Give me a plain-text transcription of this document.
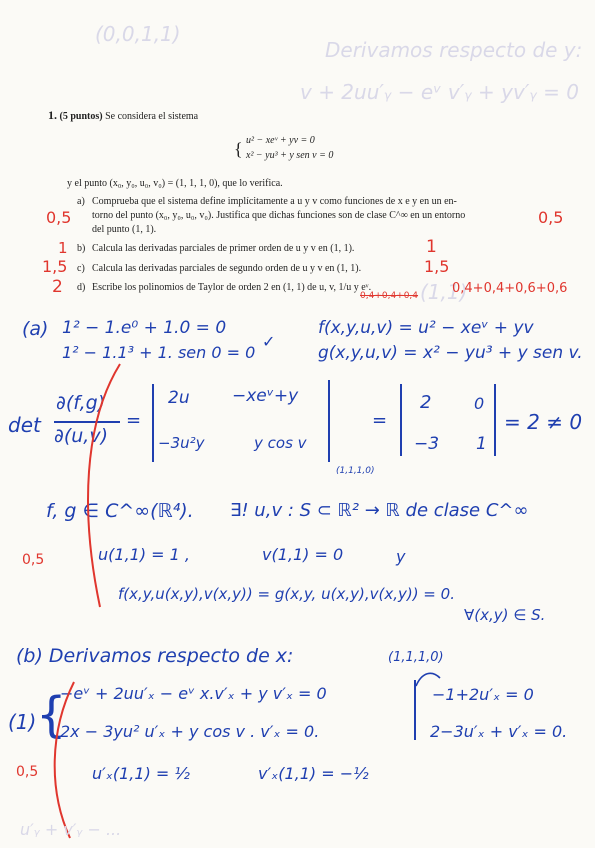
(0,0,1,1)
Derivamos respecto de y:
v + 2uu′ᵧ − eᵛ v′ᵧ + yv′ᵧ = 0
(1,1)
1. (5 puntos) Se considera el sistema
{ u² − xeᵛ + yv = 0
x² − yu³ + y sen v = 0
y el punto (x₀, y₀, u₀, v₀) = (1, 1, 1, 0), que lo verifica.
a) Comprueba que el sistema define implícitamente a u y v como funciones de x e y en un en-
torno del punto (x₀, y₀, u₀, v₀). Justifica que dichas funciones son de clase C^∞ en un entorno
del punto (1, 1).
b) Calcula las derivadas parciales de primer orden de u y v en (1, 1).
c) Calcula las derivadas parciales de segundo orden de u y v en (1, 1).
d) Escribe los polinomios de Taylor de orden 2 en (1, 1) de u, v, 1/u y eᵛ.
0,5	0,5
1	1
1,5	1,5
2	0,4+0,4+0,6+0,6
0,4+0,4+0,4
(a) 1² − 1.e⁰ + 1.0 = 0
1² − 1.1³ + 1. sen 0 = 0
✓
f(x,y,u,v) = u² − xeᵛ + yv
g(x,y,u,v) = x² − yu³ + y sen v.
det
∂(f,g)
∂(u,v)
=
2u −xeᵛ+y
−3u²y	y cos v
(1,1,1,0)
=
2	0
−3 1
= 2 ≠ 0
f, g ∈ C^∞(ℝ⁴). ∃! u,v : S ⊂ ℝ² → ℝ de clase C^∞
0,5	u(1,1) = 1 ,	v(1,1) = 0	y
f(x,y,u(x,y),v(x,y)) = g(x,y, u(x,y),v(x,y)) = 0.
∀(x,y) ∈ S.
(b) Derivamos respecto de x:	(1,1,1,0)
(1) {
−eᵛ + 2uu′ₓ − eᵛ x.v′ₓ + y v′ₓ = 0
2x − 3yu² u′ₓ + y cos v . v′ₓ = 0.
−1+2u′ₓ = 0
2−3u′ₓ + v′ₓ = 0.
0,5	u′ₓ(1,1) = ½	v′ₓ(1,1) = −½
u′ᵧ + v′ᵧ − ...
